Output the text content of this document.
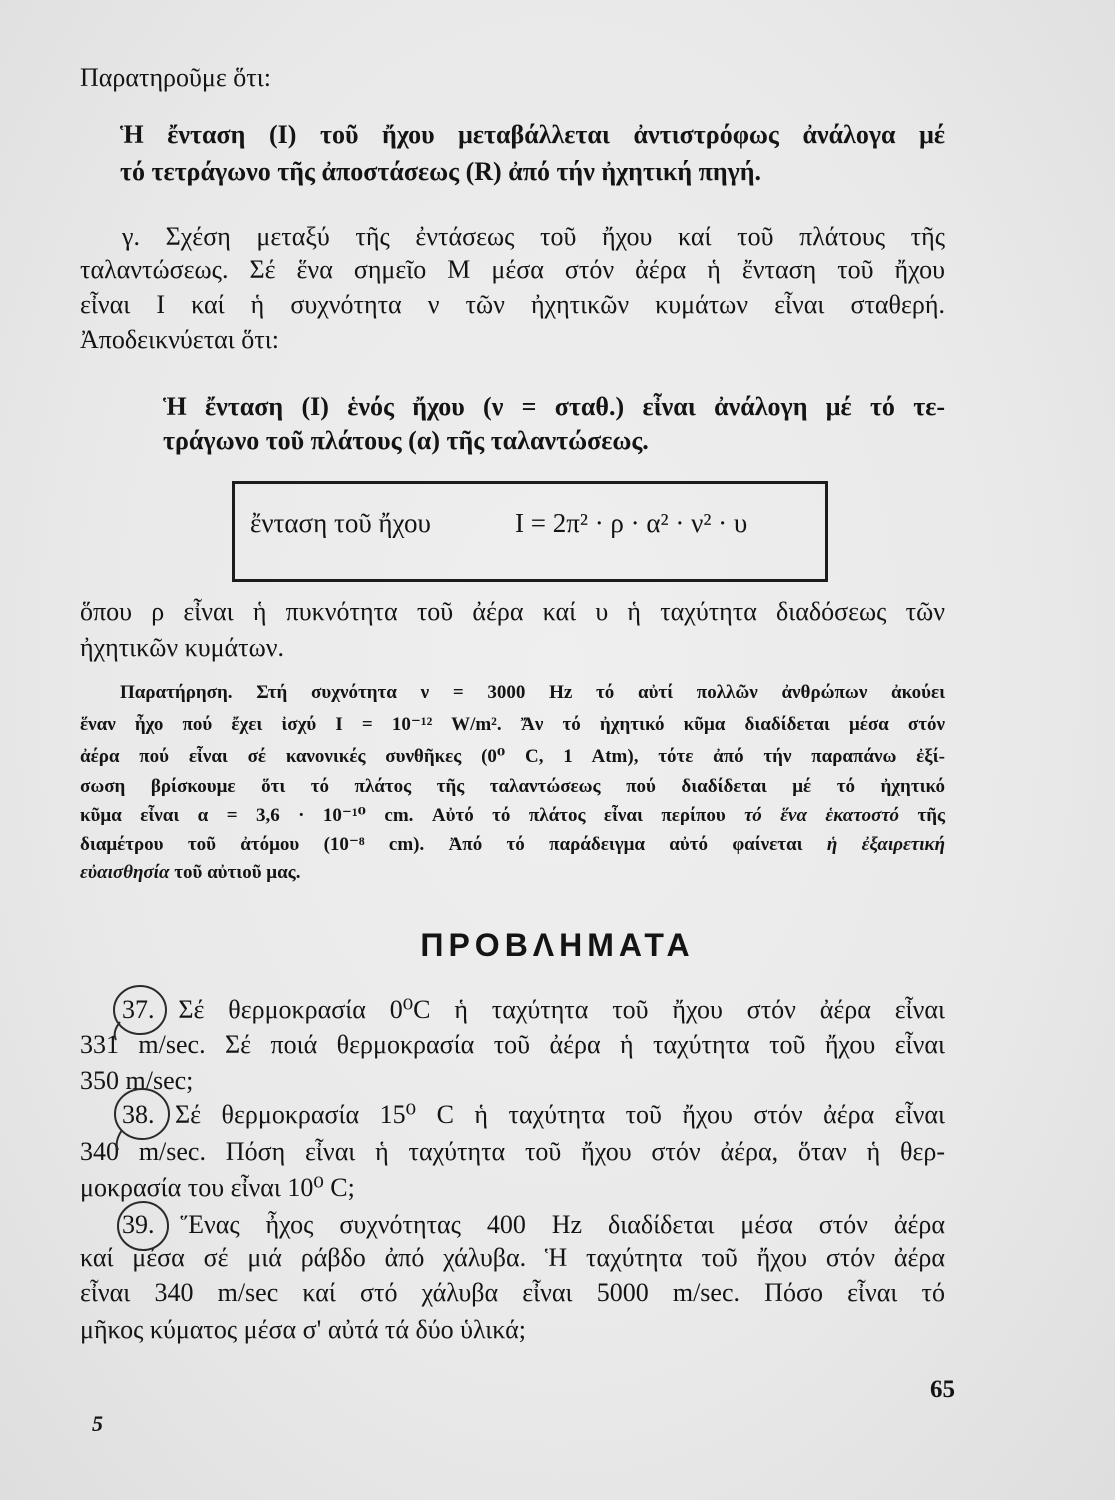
Παρατηροῦμε ὅτι:
Ἡ ἔνταση (I) τοῦ ἤχου μεταβάλλεται ἀντιστρόφως ἀνάλογα μέ
τό τετράγωνο τῆς ἀποστάσεως (R) ἀπό τήν ἠχητική πηγή.
γ. Σχέση μεταξύ τῆς ἐντάσεως τοῦ ἤχου καί τοῦ πλάτους τῆς
ταλαντώσεως. Σέ ἕνα σημεῖο Μ μέσα στόν ἀέρα ἡ ἔνταση τοῦ ἤχου
εἶναι I καί ἡ συχνότητα ν τῶν ἠχητικῶν κυμάτων εἶναι σταθερή.
Ἀποδεικνύεται ὅτι:
Ἡ ἔνταση (I) ἑνός ἤχου (ν = σταθ.) εἶναι ἀνάλογη μέ τό τε-
τράγωνο τοῦ πλάτους (α) τῆς ταλαντώσεως.
ἔνταση τοῦ ἤχου	I = 2π² · ρ · α² · ν² · υ
ὅπου ρ εἶναι ἡ πυκνότητα τοῦ ἀέρα καί υ ἡ ταχύτητα διαδόσεως τῶν
ἠχητικῶν κυμάτων.
Παρατήρηση. Στή συχνότητα ν = 3000 Hz τό αὐτί πολλῶν ἀνθρώπων ἀκούει
ἕναν ἦχο πού ἔχει ἰσχύ I = 10⁻¹² W/m². Ἄν τό ἠχητικό κῦμα διαδίδεται μέσα στόν
ἀέρα πού εἶναι σέ κανονικές συνθῆκες (0⁰ C, 1 Atm), τότε ἀπό τήν παραπάνω ἐξί-
σωση βρίσκουμε ὅτι τό πλάτος τῆς ταλαντώσεως πού διαδίδεται μέ τό ἠχητικό
κῦμα εἶναι α = 3,6 · 10⁻¹⁰ cm. Αὐτό τό πλάτος εἶναι περίπου τό ἕνα ἑκατοστό τῆς
διαμέτρου τοῦ ἀτόμου (10⁻⁸ cm). Ἀπό τό παράδειγμα αὐτό φαίνεται ἡ ἐξαιρετική
εὐαισθησία τοῦ αὐτιοῦ μας.
ΠΡΟΒΛΗΜΑΤΑ
37. Σέ θερμοκρασία 0⁰C ἡ ταχύτητα τοῦ ἤχου στόν ἀέρα εἶναι
331 m/sec. Σέ ποιά θερμοκρασία τοῦ ἀέρα ἡ ταχύτητα τοῦ ἤχου εἶναι
350 m/sec;
38. Σέ θερμοκρασία 15⁰ C ἡ ταχύτητα τοῦ ἤχου στόν ἀέρα εἶναι
340 m/sec. Πόση εἶναι ἡ ταχύτητα τοῦ ἤχου στόν ἀέρα, ὅταν ἡ θερ-
μοκρασία του εἶναι 10⁰ C;
39. Ἕνας ἦχος συχνότητας 400 Hz διαδίδεται μέσα στόν ἀέρα
καί μέσα σέ μιά ράβδο ἀπό χάλυβα. Ἡ ταχύτητα τοῦ ἤχου στόν ἀέρα
εἶναι 340 m/sec καί στό χάλυβα εἶναι 5000 m/sec. Πόσο εἶναι τό
μῆκος κύματος μέσα σ' αὐτά τά δύο ὑλικά;
65
5
